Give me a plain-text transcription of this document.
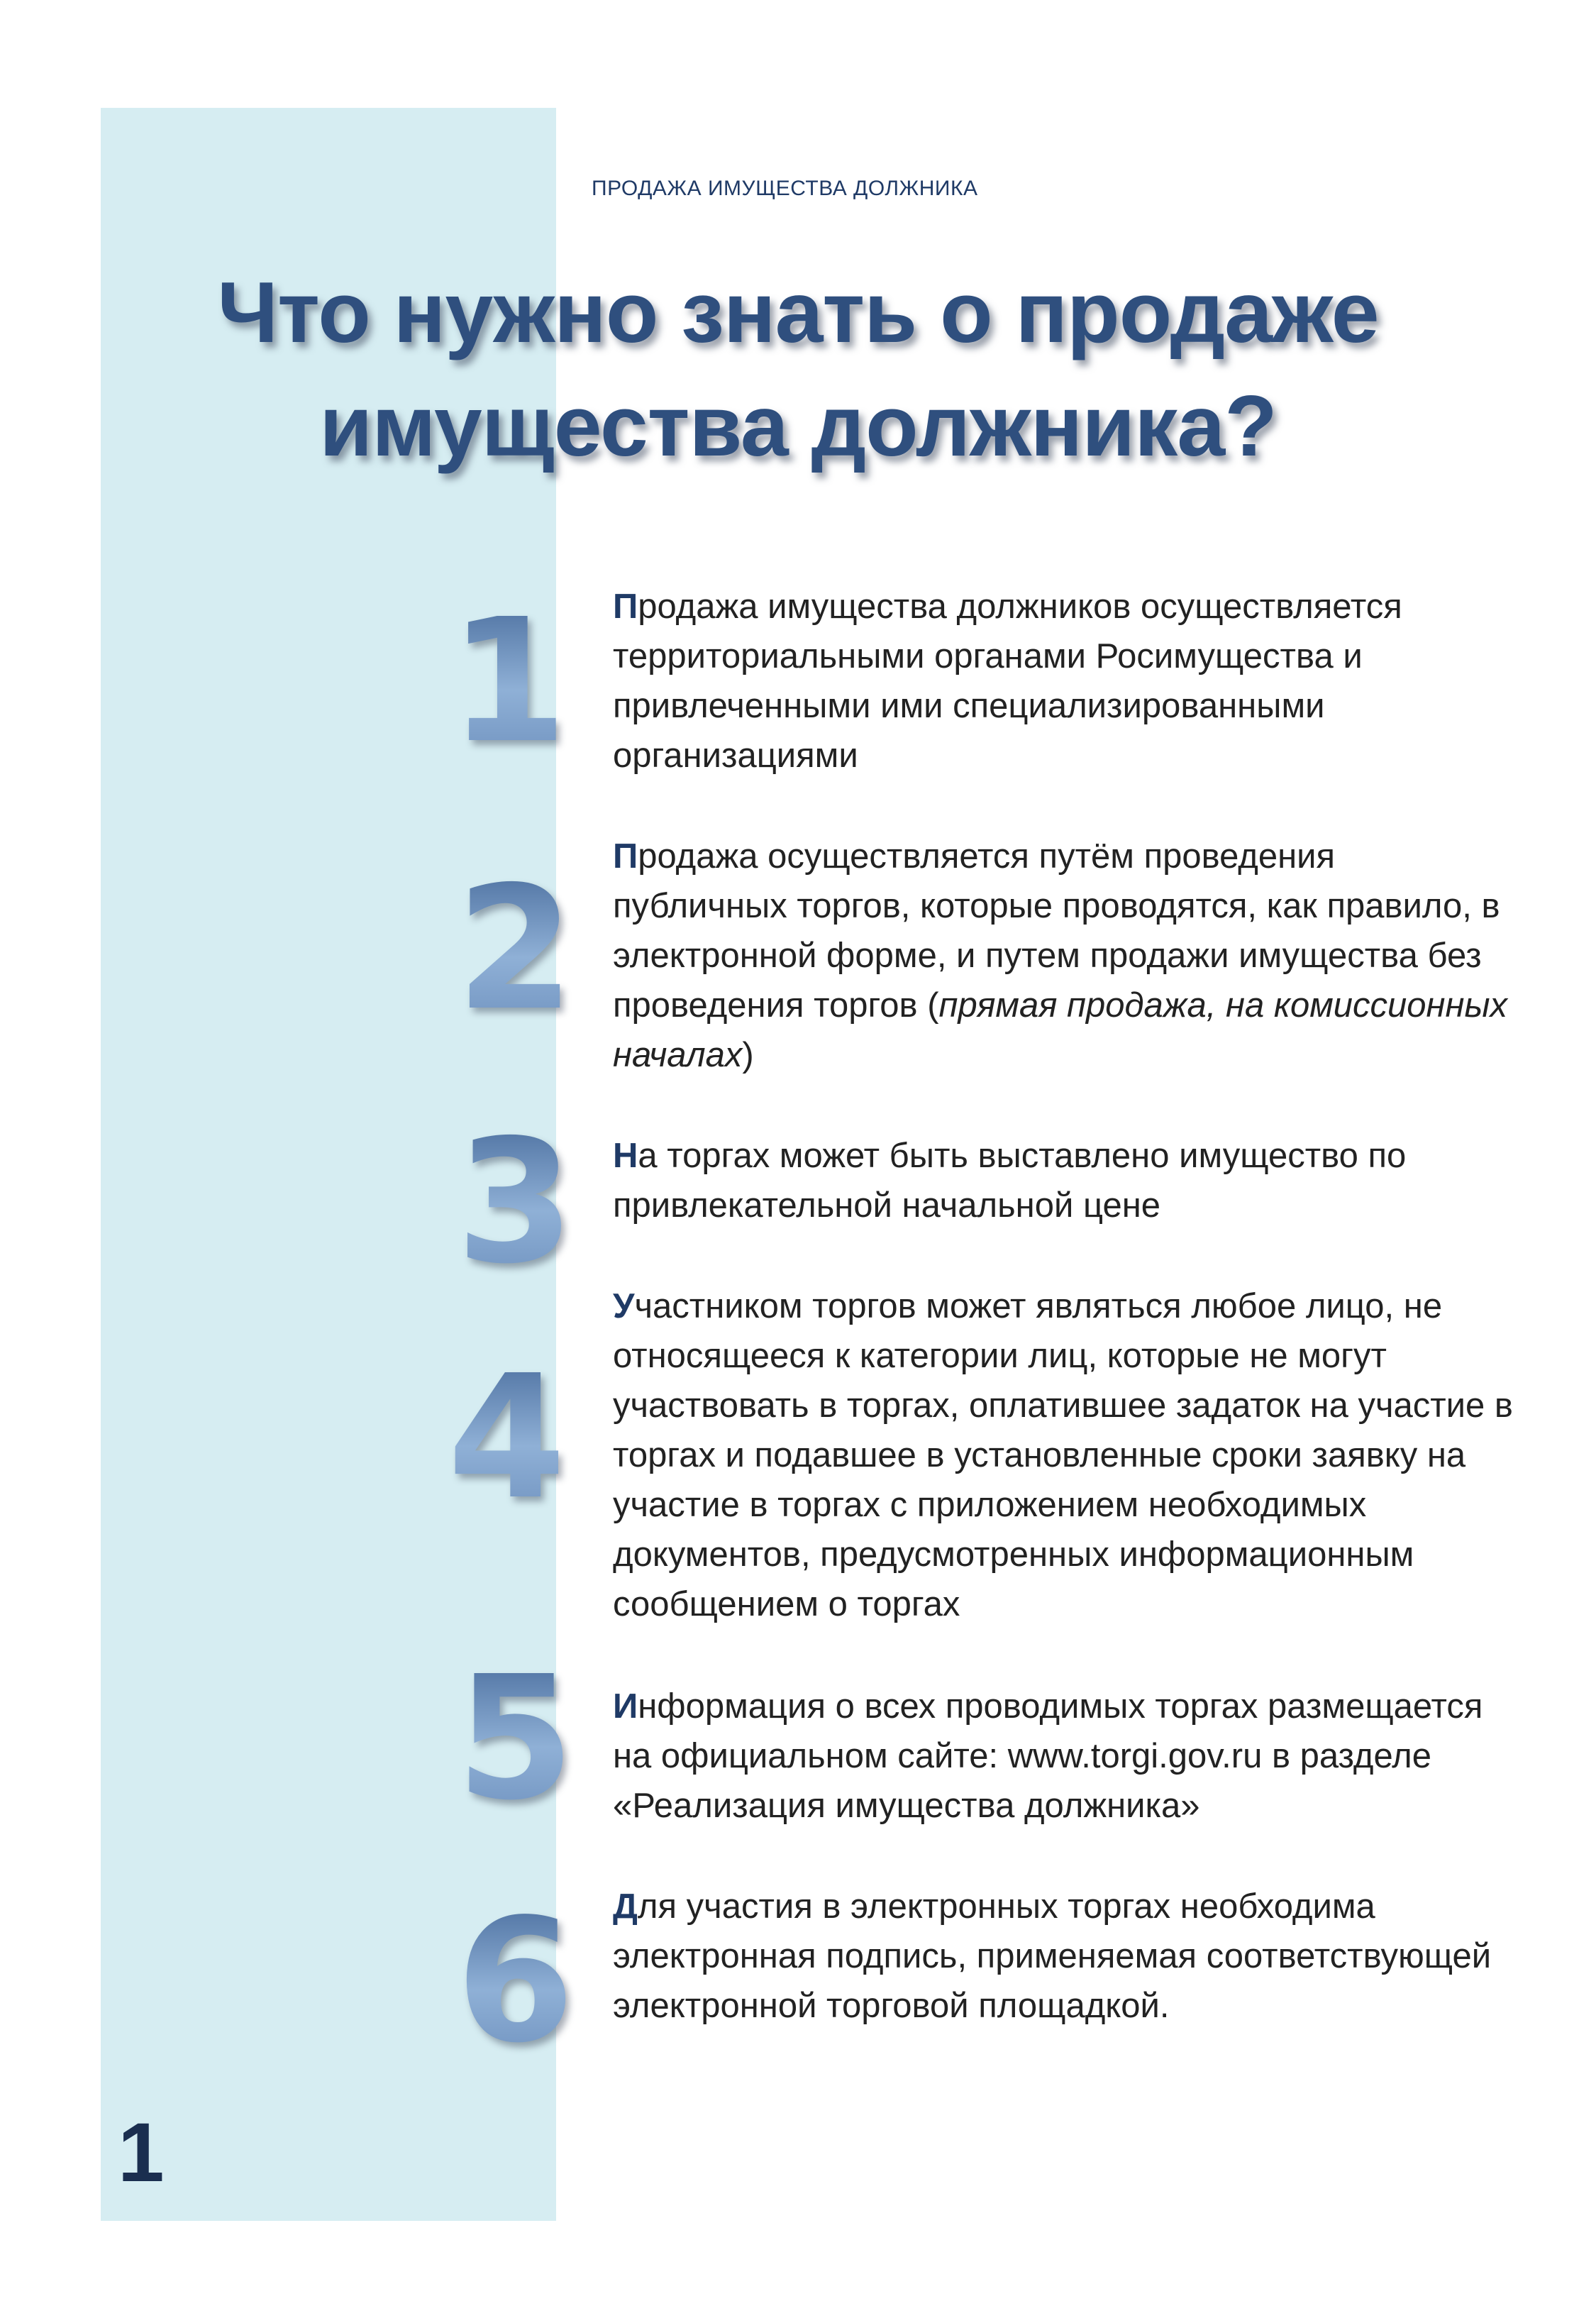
ПРОДАЖА ИМУЩЕСТВА ДОЛЖНИКА
Что нужно знать о продаже
имущества должника?
1 Продажа имущества должников осуществляется территориальными органами Росимущества и привлеченными ими специализированными организациями
2 Продажа осуществляется путём проведения публичных торгов, которые проводятся, как правило, в электронной форме, и путем продажи имущества без проведения торгов (прямая продажа, на комиссионных началах)
3 На торгах может быть выставлено имущество по привлекательной начальной цене
4
Участником торгов может являться любое лицо, не относящееся к категории лиц, которые не могут участвовать в торгах, оплатившее задаток на участие в торгах и подавшее в установленные сроки заявку на участие в торгах с приложением необходимых документов, предусмотренных информационным сообщением о торгах
5 Информация о всех проводимых торгах размещается на официальном сайте: www.torgi.gov.ru в разделе «Реализация имущества должника»
6 Для участия в электронных торгах необходима электронная подпись, применяемая соответствующей электронной торговой площадкой.
1
